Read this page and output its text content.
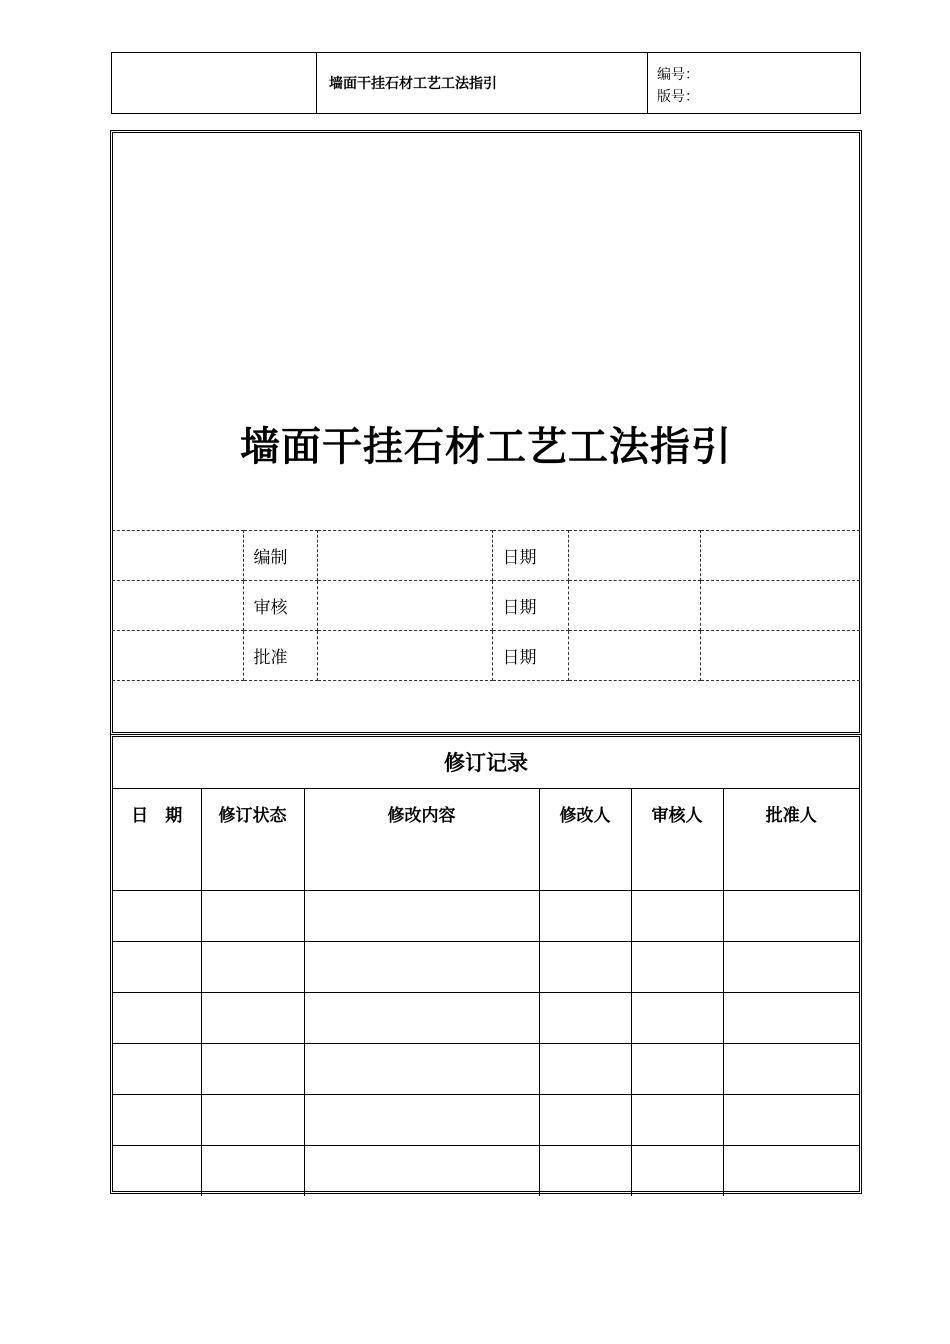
墙面干挂石材工艺工法指引
编号：
版号：
墙面干挂石材工艺工法指引
	编制		日期		
	审核		日期		
	批准		日期		

修订记录					
日　期	修订状态	修改内容	修改人	审核人	批准人
